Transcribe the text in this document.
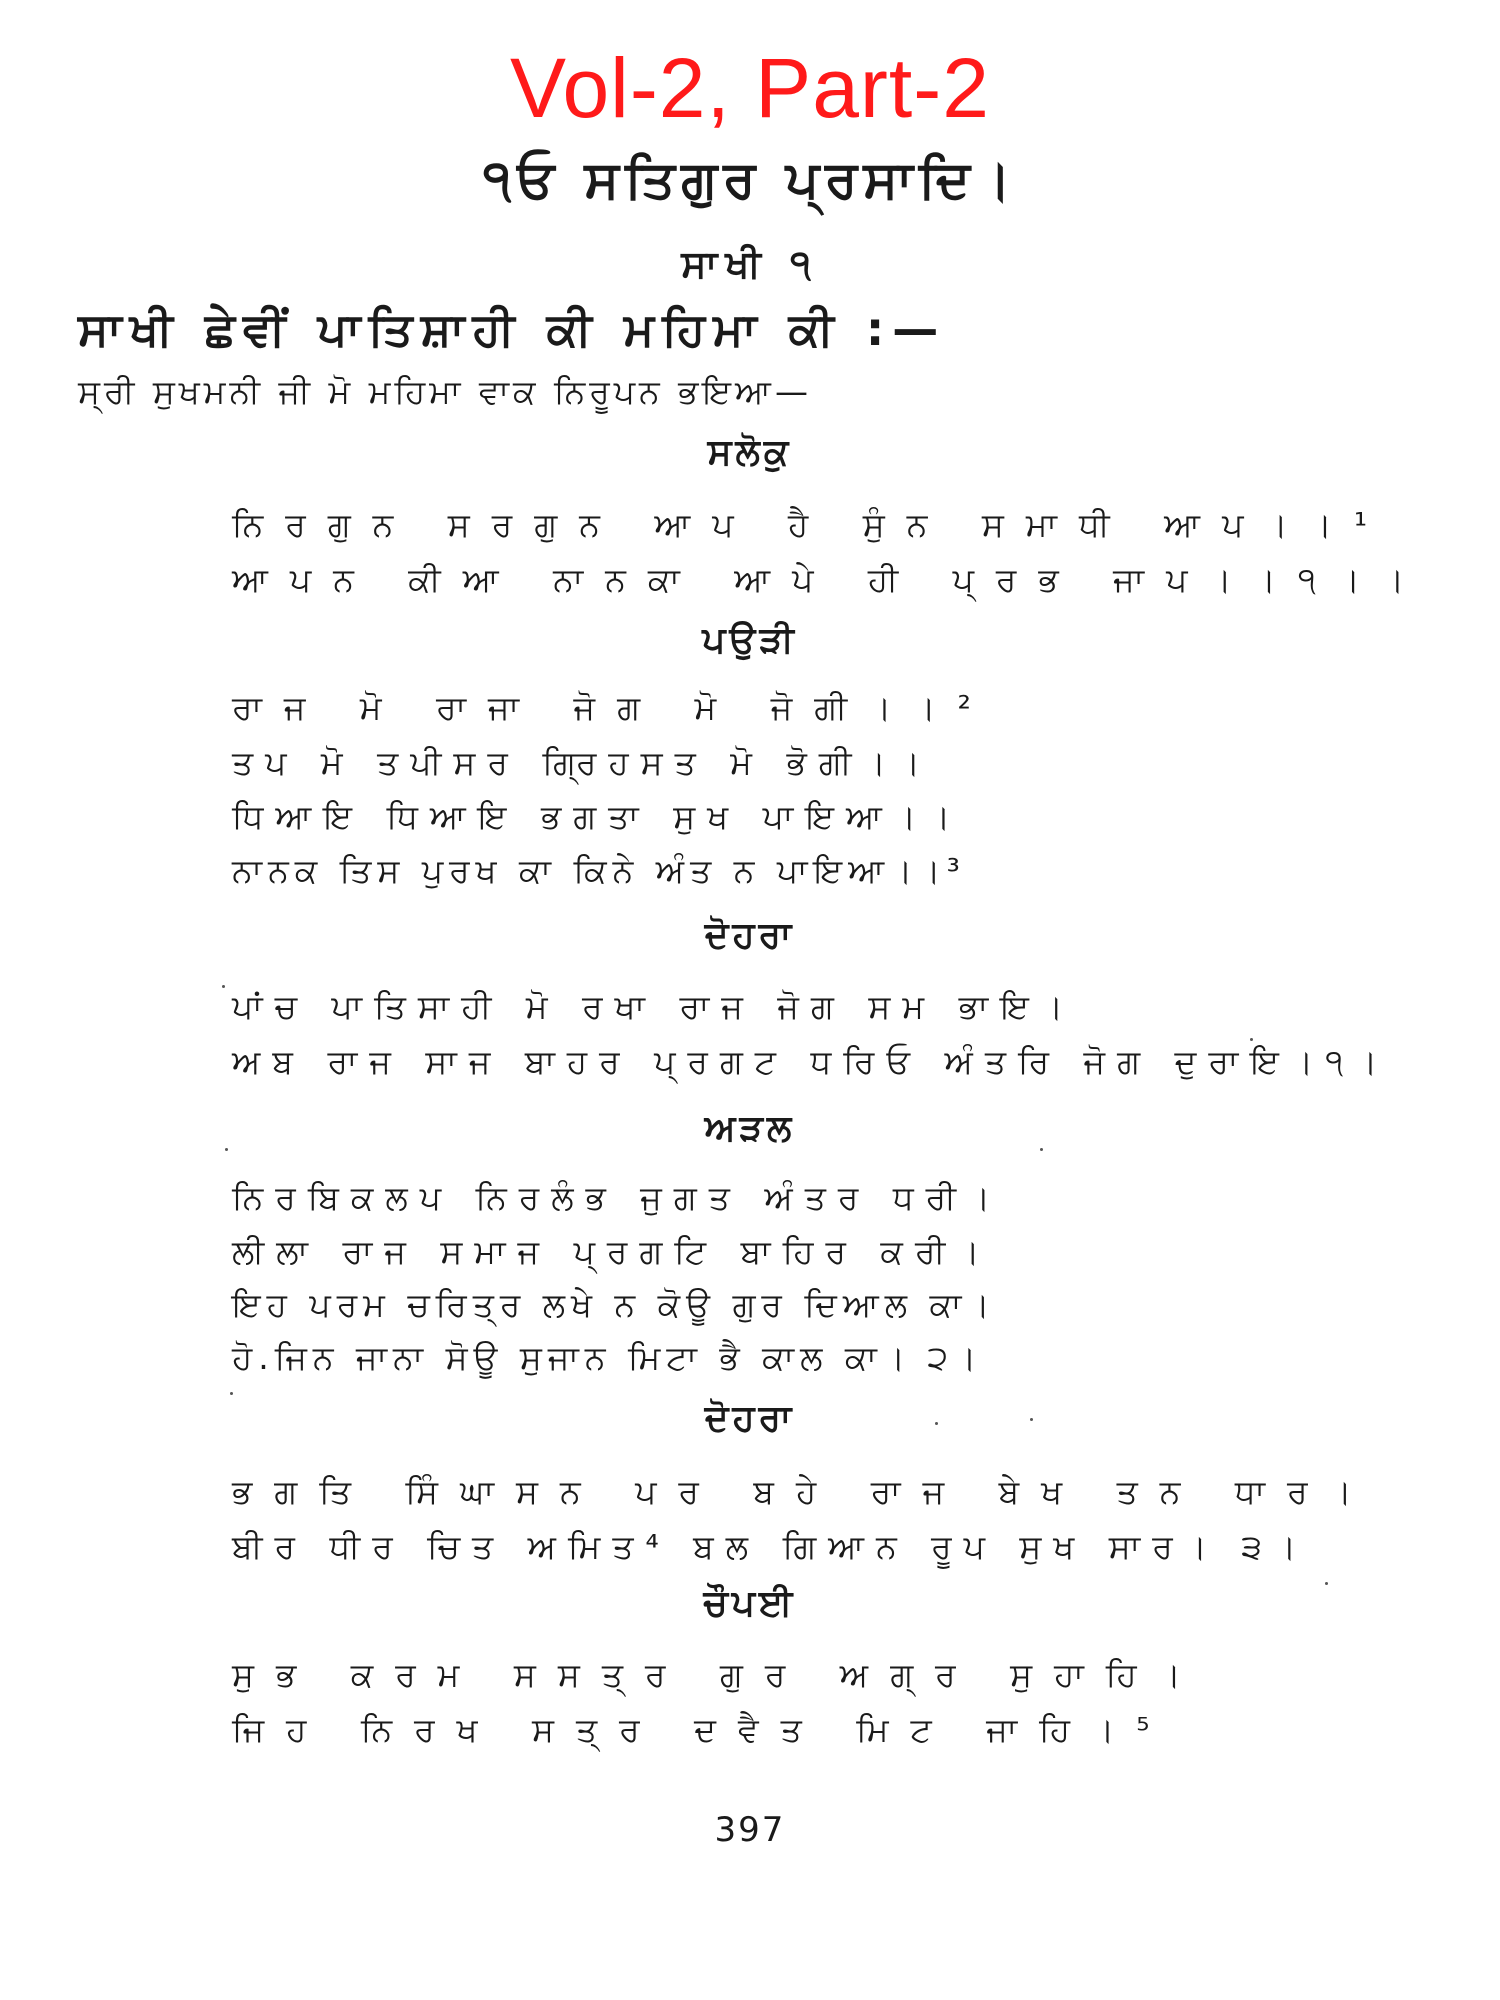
Vol-2, Part-2
੧ਓ ਸਤਿਗੁਰ ਪ੍ਰਸਾਦਿ।
ਸਾਖੀ ੧
ਸਾਖੀ ਛੇਵੀਂ ਪਾਤਿਸ਼ਾਹੀ ਕੀ ਮਹਿਮਾ ਕੀ :—
ਸ੍ਰੀ ਸੁਖਮਨੀ ਜੀ ਮੋ ਮਹਿਮਾ ਵਾਕ ਨਿਰੂਪਨ ਭਇਆ—
ਸਲੋਕੁ
ਨਿਰਗੁਨ ਸਰਗੁਨ ਆਪ ਹੈ ਸੁੰਨ ਸਮਾਧੀ ਆਪ।।¹
ਆਪਨ ਕੀਆ ਨਾਨਕਾ ਆਪੇ ਹੀ ਪ੍ਰਭ ਜਾਪ।।੧।।
ਪਉੜੀ
ਰਾਜ ਮੋ ਰਾਜਾ ਜੋਗ ਮੋ ਜੋਗੀ।।²
ਤਪ ਮੋ ਤਪੀਸਰ ਗ੍ਰਿਹਸਤ ਮੋ ਭੋਗੀ।।
ਧਿਆਇ ਧਿਆਇ ਭਗਤਾ ਸੁਖ ਪਾਇਆ।।
ਨਾਨਕ ਤਿਸ ਪੁਰਖ ਕਾ ਕਿਨੇ ਅੰਤ ਨ ਪਾਇਆ।।³
ਦੋਹਰਾ
ਪਾਂਚ ਪਾਤਿਸਾਹੀ ਮੋ ਰਖਾ ਰਾਜ ਜੋਗ ਸਮ ਭਾਇ।
ਅਬ ਰਾਜ ਸਾਜ ਬਾਹਰ ਪ੍ਰਗਟ ਧਰਿਓ ਅੰਤਰਿ ਜੋਗ ਦੁਰਾਇ।੧।
ਅੜਲ
ਨਿਰਬਿਕਲਪ ਨਿਰਲੰਭ ਜੁਗਤ ਅੰਤਰ ਧਰੀ।
ਲੀਲਾ ਰਾਜ ਸਮਾਜ ਪ੍ਰਗਟਿ ਬਾਹਿਰ ਕਰੀ।
ਇਹ ਪਰਮ ਚਰਿਤ੍ਰ ਲਖੇ ਨ ਕੋਊ ਗੁਰ ਦਿਆਲ ਕਾ।
ਹੋ.ਜਿਨ ਜਾਨਾ ਸੋਊ ਸੁਜਾਨ ਮਿਟਾ ਭੈ ਕਾਲ ਕਾ। ੨।
ਦੋਹਰਾ
ਭਗਤਿ ਸਿੰਘਾਸਨ ਪਰ ਬਹੇ ਰਾਜ ਬੇਖ ਤਨ ਧਾਰ।
ਬੀਰ ਧੀਰ ਚਿਤ ਅਮਿਤ⁴ ਬਲ ਗਿਆਨ ਰੂਪ ਸੁਖ ਸਾਰ। ੩।
ਚੌਪਈ
ਸੁਭ ਕਰਮ ਸਸਤ੍ਰ ਗੁਰ ਅਗ੍ਰ ਸੁਹਾਹਿ।
ਜਿਹ ਨਿਰਖ ਸਤ੍ਰ ਦਵੈਤ ਮਿਟ ਜਾਹਿ।⁵
397
